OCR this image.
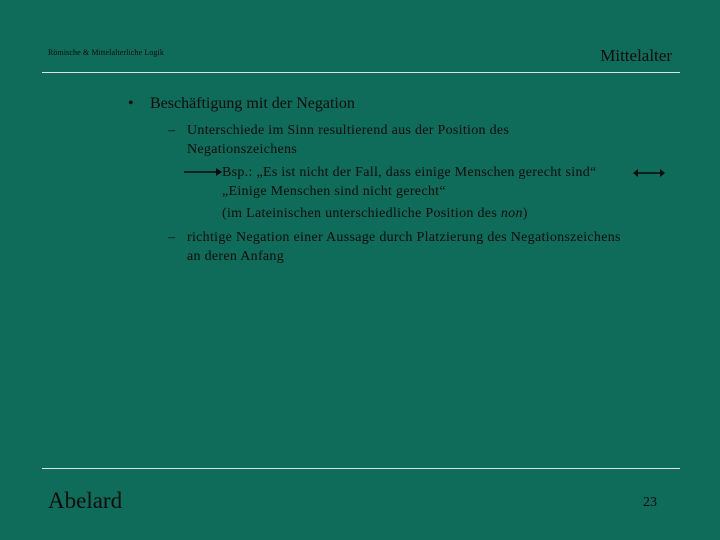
Römische & Mittelalterliche Logik	Mittelalter
• Beschäftigung mit der Negation
– Unterschiede im Sinn resultierend aus der Position des
Negationszeichens
Bsp.: „Es ist nicht der Fall, dass einige Menschen gerecht sind“
„Einige Menschen sind nicht gerecht“
(im Lateinischen unterschiedliche Position des non)
– richtige Negation einer Aussage durch Platzierung des Negationszeichens
an deren Anfang
Abelard	23
